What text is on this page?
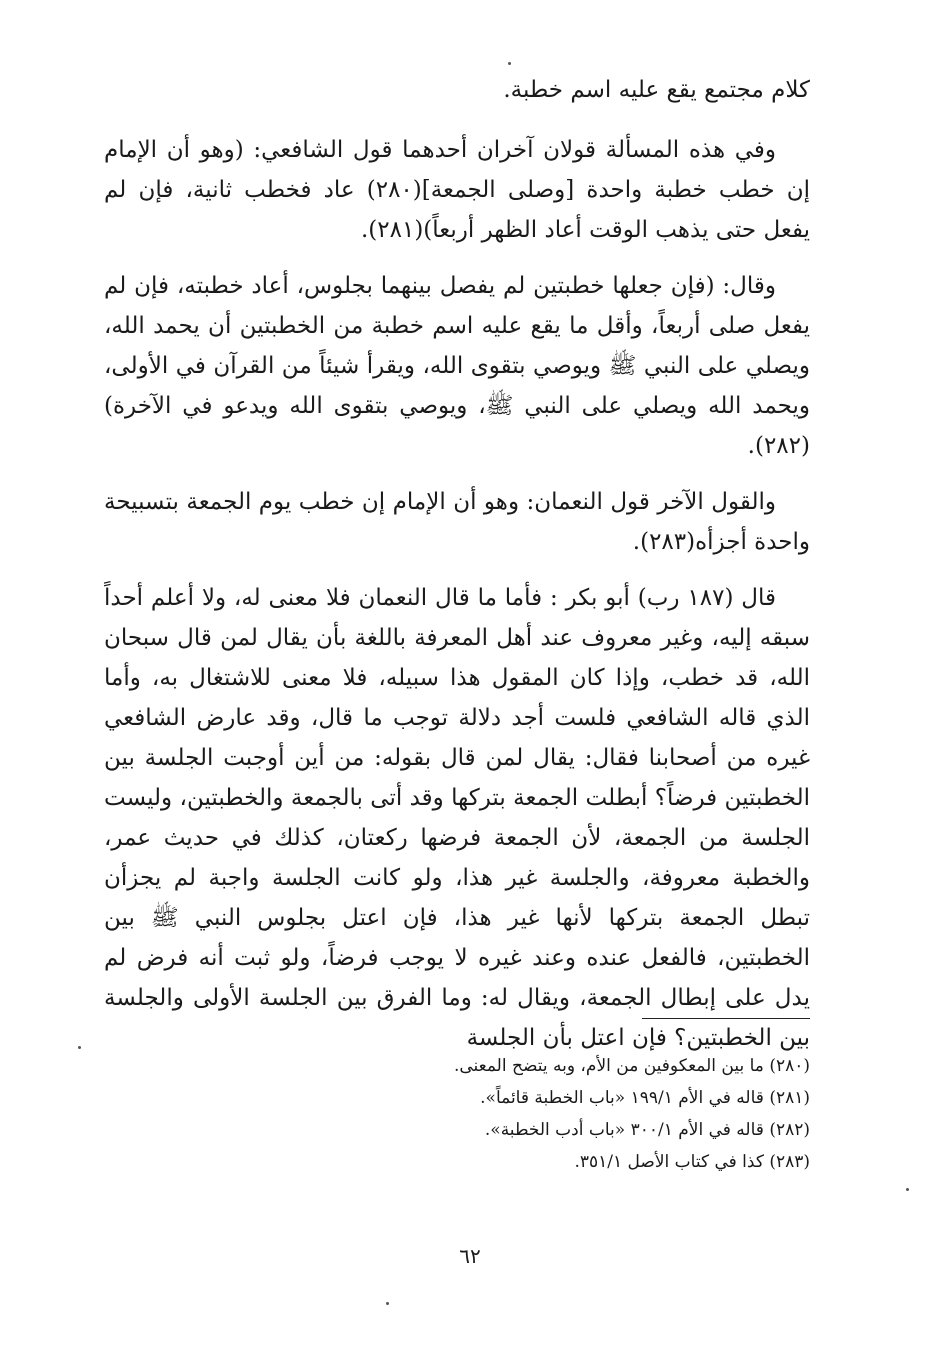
كلام مجتمع يقع عليه اسم خطبة.

وفي هذه المسألة قولان آخران أحدهما قول الشافعي: (وهو أن الإمام إن خطب خطبة واحدة [وصلى الجمعة](٢٨٠) عاد فخطب ثانية، فإن لم يفعل حتى يذهب الوقت أعاد الظهر أربعاً)(٢٨١).

وقال: (فإن جعلها خطبتين لم يفصل بينهما بجلوس، أعاد خطبته، فإن لم يفعل صلى أربعاً، وأقل ما يقع عليه اسم خطبة من الخطبتين أن يحمد الله، ويصلي على النبي ﷺ ويوصي بتقوى الله، ويقرأ شيئاً من القرآن في الأولى، ويحمد الله ويصلي على النبي ﷺ، ويوصي بتقوى الله ويدعو في الآخرة)(٢٨٢).

والقول الآخر قول النعمان: وهو أن الإمام إن خطب يوم الجمعة بتسبيحة واحدة أجزأه(٢٨٣).

قال (١٨٧ رب) أبو بكر : فأما ما قال النعمان فلا معنى له، ولا أعلم أحداً سبقه إليه، وغير معروف عند أهل المعرفة باللغة بأن يقال لمن قال سبحان الله، قد خطب، وإذا كان المقول هذا سبيله، فلا معنى للاشتغال به، وأما الذي قاله الشافعي فلست أجد دلالة توجب ما قال، وقد عارض الشافعي غيره من أصحابنا فقال: يقال لمن قال بقوله: من أين أوجبت الجلسة بين الخطبتين فرضاً؟ أبطلت الجمعة بتركها وقد أتى بالجمعة والخطبتين، وليست الجلسة من الجمعة، لأن الجمعة فرضها ركعتان، كذلك في حديث عمر، والخطبة معروفة، والجلسة غير هذا، ولو كانت الجلسة واجبة لم يجزأن تبطل الجمعة بتركها لأنها غير هذا، فإن اعتل بجلوس النبي ﷺ بين الخطبتين، فالفعل عنده وعند غيره لا يوجب فرضاً، ولو ثبت أنه فرض لم يدل على إبطال الجمعة، ويقال له: وما الفرق بين الجلسة الأولى والجلسة بين الخطبتين؟ فإن اعتل بأن الجلسة

(٢٨٠) ما بين المعكوفين من الأم، وبه يتضح المعنى.

(٢٨١) قاله في الأم ١٩٩/١ «باب الخطبة قائماً».

(٢٨٢) قاله في الأم ٣٠٠/١ «باب أدب الخطبة».

(٢٨٣) كذا في كتاب الأصل ٣٥١/١.

٦٢
